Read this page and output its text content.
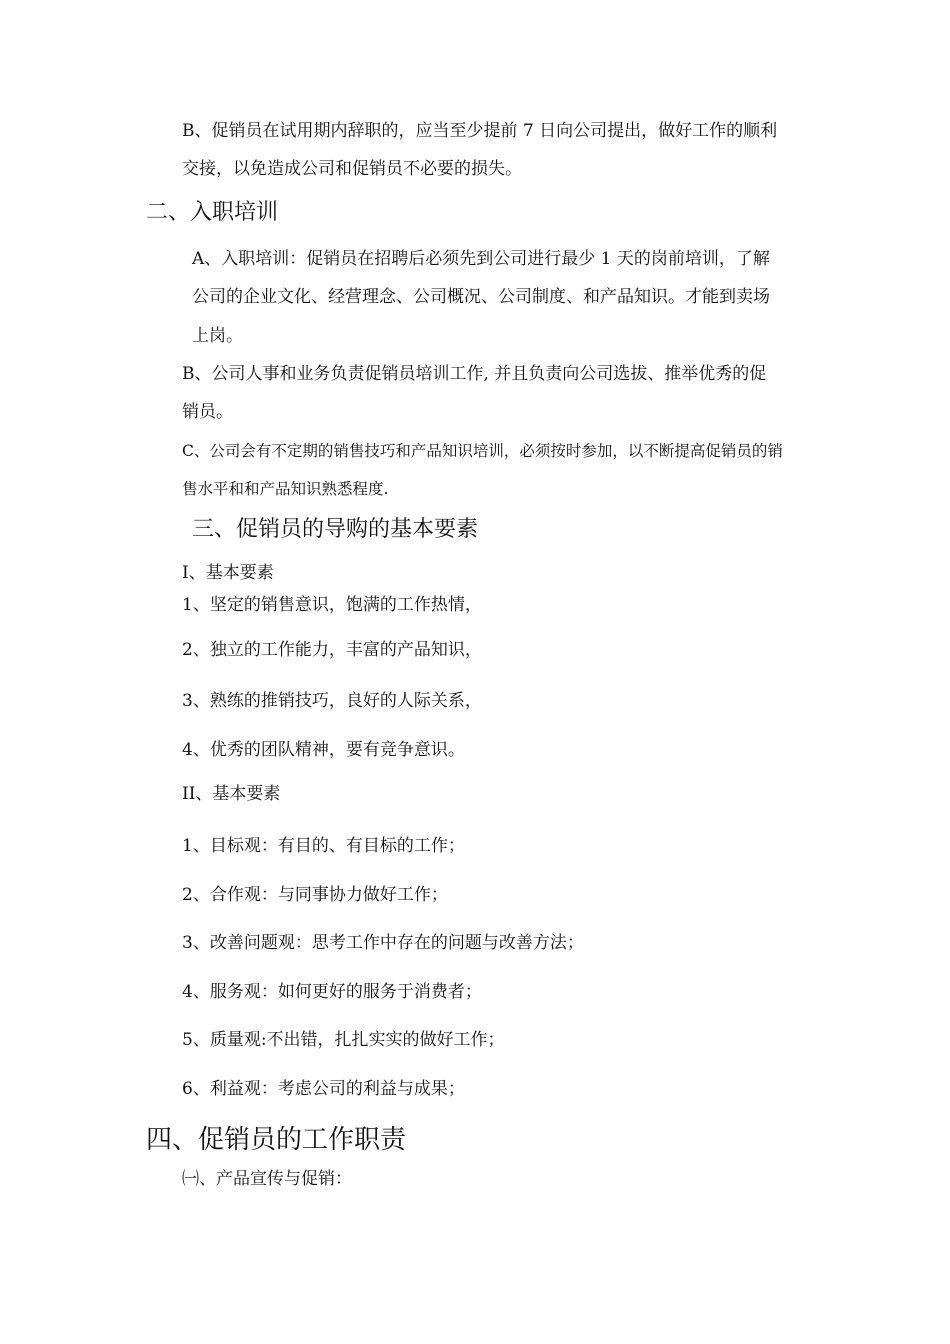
B、促销员在试用期内辞职的，应当至少提前 7 日向公司提出，做好工作的顺利
交接，以免造成公司和促销员不必要的损失。
二、入职培训
A、入职培训：促销员在招聘后必须先到公司进行最少 1 天的岗前培训，了解
公司的企业文化、经营理念、公司概况、公司制度、和产品知识。才能到卖场
上岗。
B、公司人事和业务负责促销员培训工作, 并且负责向公司选拔、推举优秀的促
销员。
C、公司会有不定期的销售技巧和产品知识培训，必须按时参加，以不断提高促销员的销
售水平和和产品知识熟悉程度.
三、促销员的导购的基本要素
I、基本要素
1、坚定的销售意识，饱满的工作热情，
2、独立的工作能力，丰富的产品知识，
3、熟练的推销技巧，良好的人际关系，
4、优秀的团队精神，要有竞争意识。
II、基本要素
1、目标观：有目的、有目标的工作；
2、合作观：与同事协力做好工作；
3、改善问题观：思考工作中存在的问题与改善方法；
4、服务观：如何更好的服务于消费者；
5、质量观:不出错，扎扎实实的做好工作；
6、利益观：考虑公司的利益与成果；
四、促销员的工作职责
㈠、产品宣传与促销：
